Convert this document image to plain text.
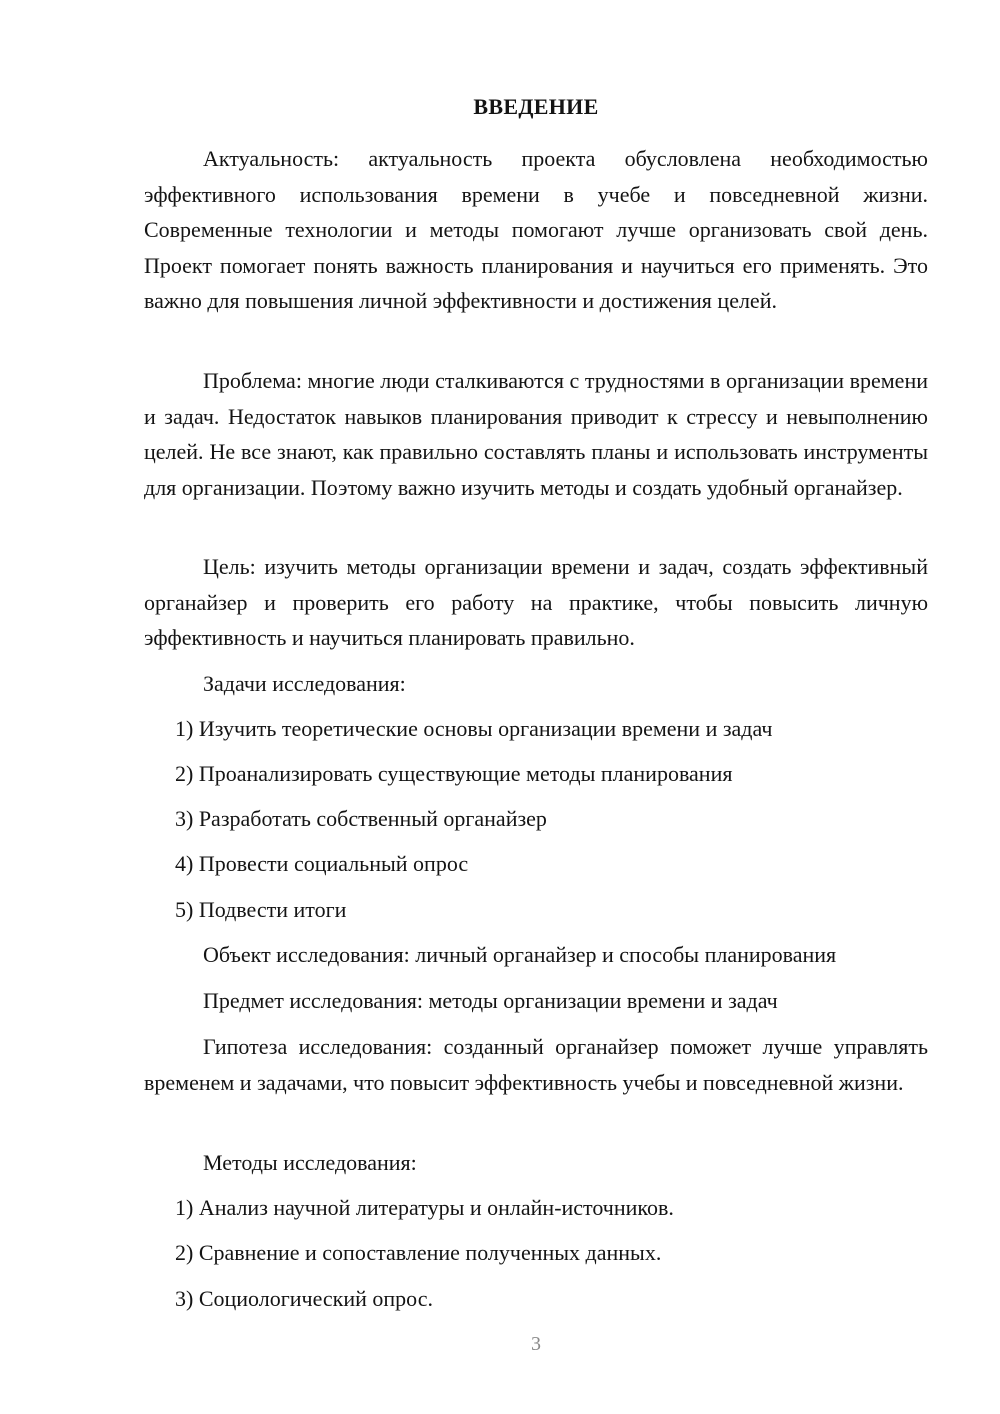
ВВЕДЕНИЕ

Актуальность: актуальность проекта обусловлена необходимостью эффективного использования времени в учебе и повседневной жизни. Современные технологии и методы помогают лучше организовать свой день. Проект помогает понять важность планирования и научиться его применять. Это важно для повышения личной эффективности и достижения целей.

Проблема: многие люди сталкиваются с трудностями в организации времени и задач. Недостаток навыков планирования приводит к стрессу и невыполнению целей. Не все знают, как правильно составлять планы и использовать инструменты для организации. Поэтому важно изучить методы и создать удобный органайзер.

Цель: изучить методы организации времени и задач, создать эффективный органайзер и проверить его работу на практике, чтобы повысить личную эффективность и научиться планировать правильно.

Задачи исследования:

1) Изучить теоретические основы организации времени и задач

2) Проанализировать существующие методы планирования

3) Разработать собственный органайзер

4) Провести социальный опрос

5) Подвести итоги

Объект исследования: личный органайзер и способы планирования

Предмет исследования: методы организации времени и задач

Гипотеза исследования: созданный органайзер поможет лучше управлять временем и задачами, что повысит эффективность учебы и повседневной жизни.

Методы исследования:

1) Анализ научной литературы и онлайн-источников.

2) Сравнение и сопоставление полученных данных.

3) Социологический опрос.

3
